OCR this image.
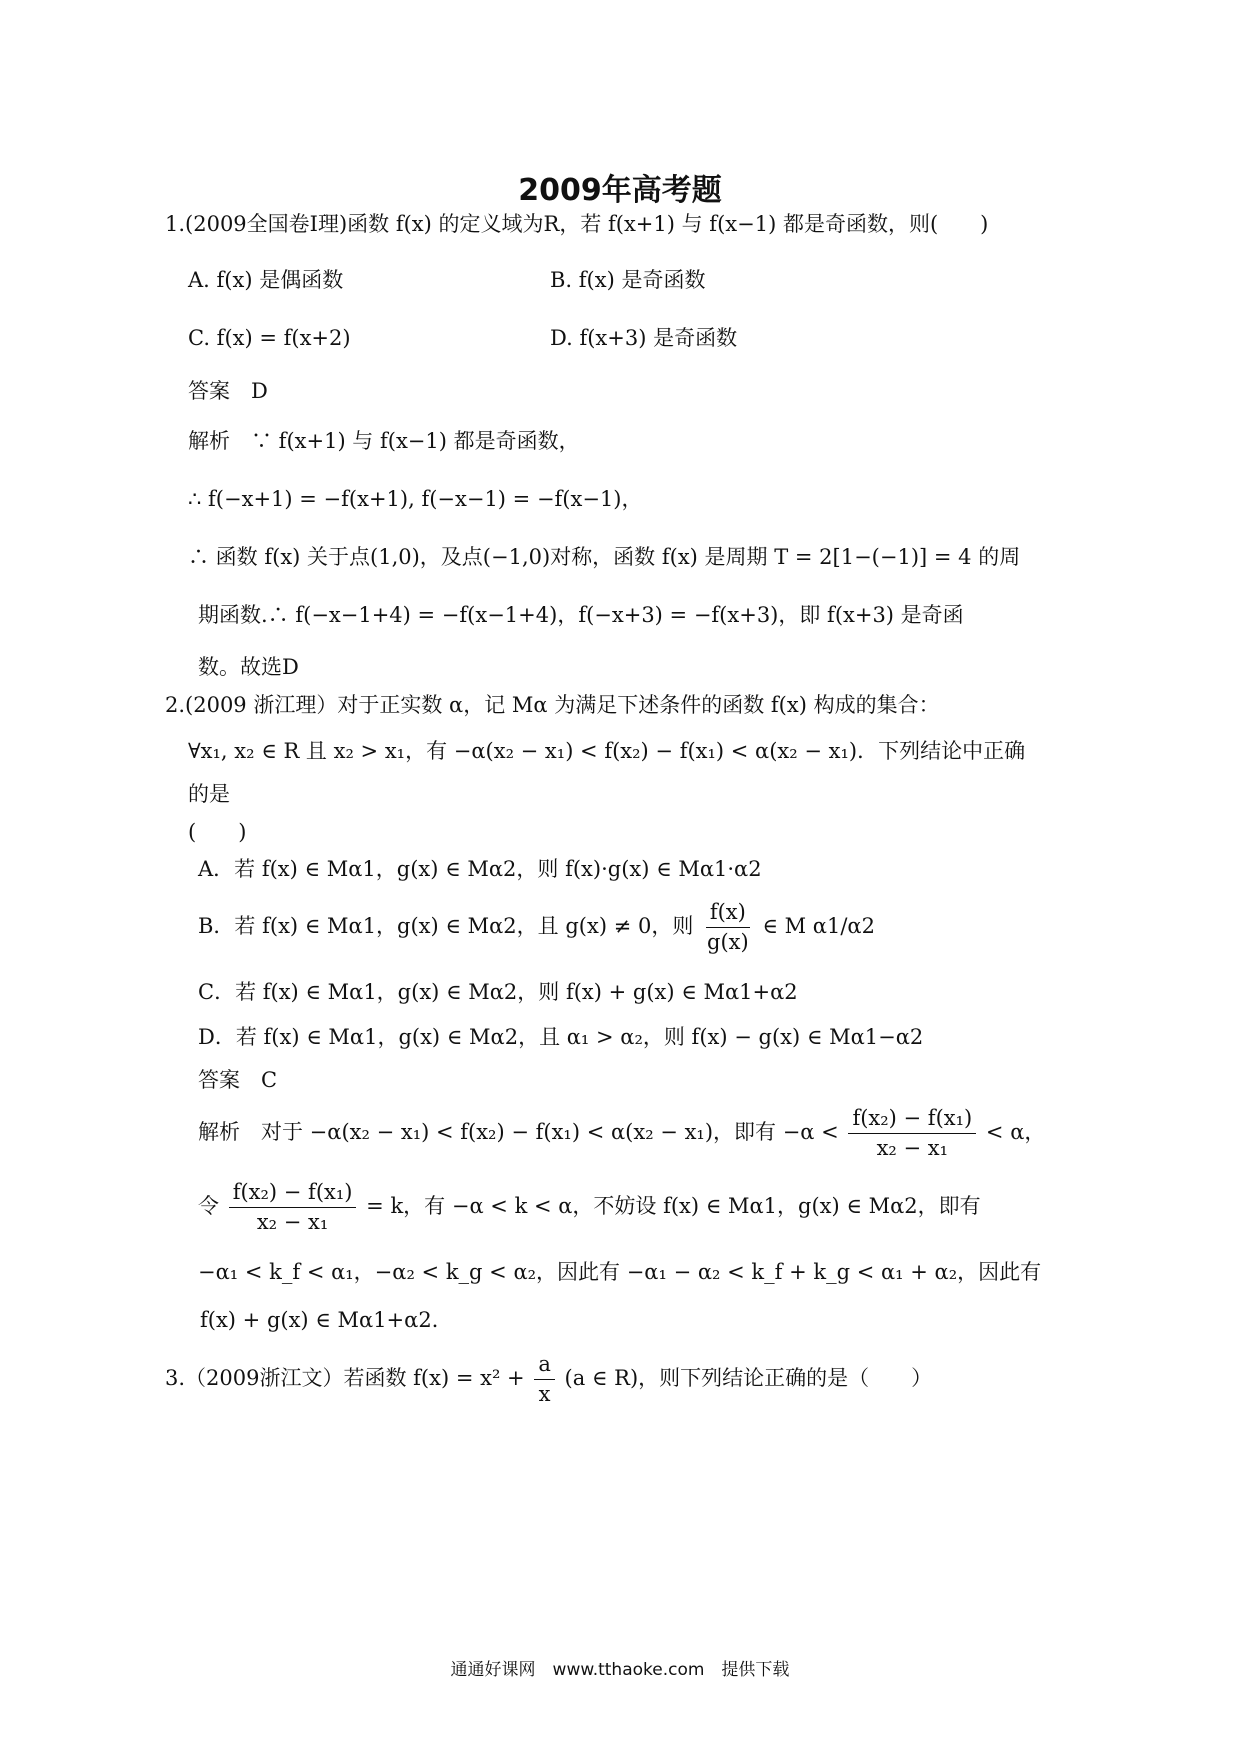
2009年高考题
1.(2009全国卷Ⅰ理)函数 f(x) 的定义域为R，若 f(x+1) 与 f(x−1) 都是奇函数，则(　　)
A. f(x) 是偶函数	B. f(x) 是奇函数
C. f(x) = f(x+2)	D. f(x+3) 是奇函数
答案　D
解析　∵ f(x+1) 与 f(x−1) 都是奇函数，
∴ f(−x+1) = −f(x+1), f(−x−1) = −f(x−1)，
∴ 函数 f(x) 关于点(1,0)，及点(−1,0)对称，函数 f(x) 是周期 T = 2[1−(−1)] = 4 的周
期函数.∴ f(−x−1+4) = −f(x−1+4)，f(−x+3) = −f(x+3)，即 f(x+3) 是奇函
数。故选D
2.(2009 浙江理）对于正实数 α，记 Mα 为满足下述条件的函数 f(x) 构成的集合：
∀x₁, x₂ ∈ R 且 x₂ > x₁，有 −α(x₂ − x₁) < f(x₂) − f(x₁) < α(x₂ − x₁)．下列结论中正确
的是
(　　)
A．若 f(x) ∈ Mα1，g(x) ∈ Mα2，则 f(x)·g(x) ∈ Mα1·α2
B．若 f(x) ∈ Mα1，g(x) ∈ Mα2，且 g(x) ≠ 0，则 $\frac{f(x)}{g(x)}$ ∈ M α1/α2
C．若 f(x) ∈ Mα1，g(x) ∈ Mα2，则 f(x) + g(x) ∈ Mα1+α2
D．若 f(x) ∈ Mα1，g(x) ∈ Mα2，且 α₁ > α₂，则 f(x) − g(x) ∈ Mα1−α2
答案　C
解析　对于 −α(x₂ − x₁) < f(x₂) − f(x₁) < α(x₂ − x₁)，即有 $-\alpha < \frac{\text{f(x₂) − f(x₁)}}{\text{x₂ − x₁}} < \alpha$，
令 $\frac{\text{f(x₂) − f(x₁)}}{\text{x₂ − x₁}} = k$，有 −α < k < α，不妨设 f(x) ∈ Mα1，g(x) ∈ Mα2，即有
−α₁ < k_f < α₁，−α₂ < k_g < α₂，因此有 −α₁ − α₂ < k_f + k_g < α₁ + α₂，因此有
f(x) + g(x) ∈ Mα1+α2．
3.（2009浙江文）若函数 $f(x) = x^2 + \frac{a}{x} (a$ ∈ R)，则下列结论正确的是（　　）
通通好课网　www.tthaoke.com　提供下载
